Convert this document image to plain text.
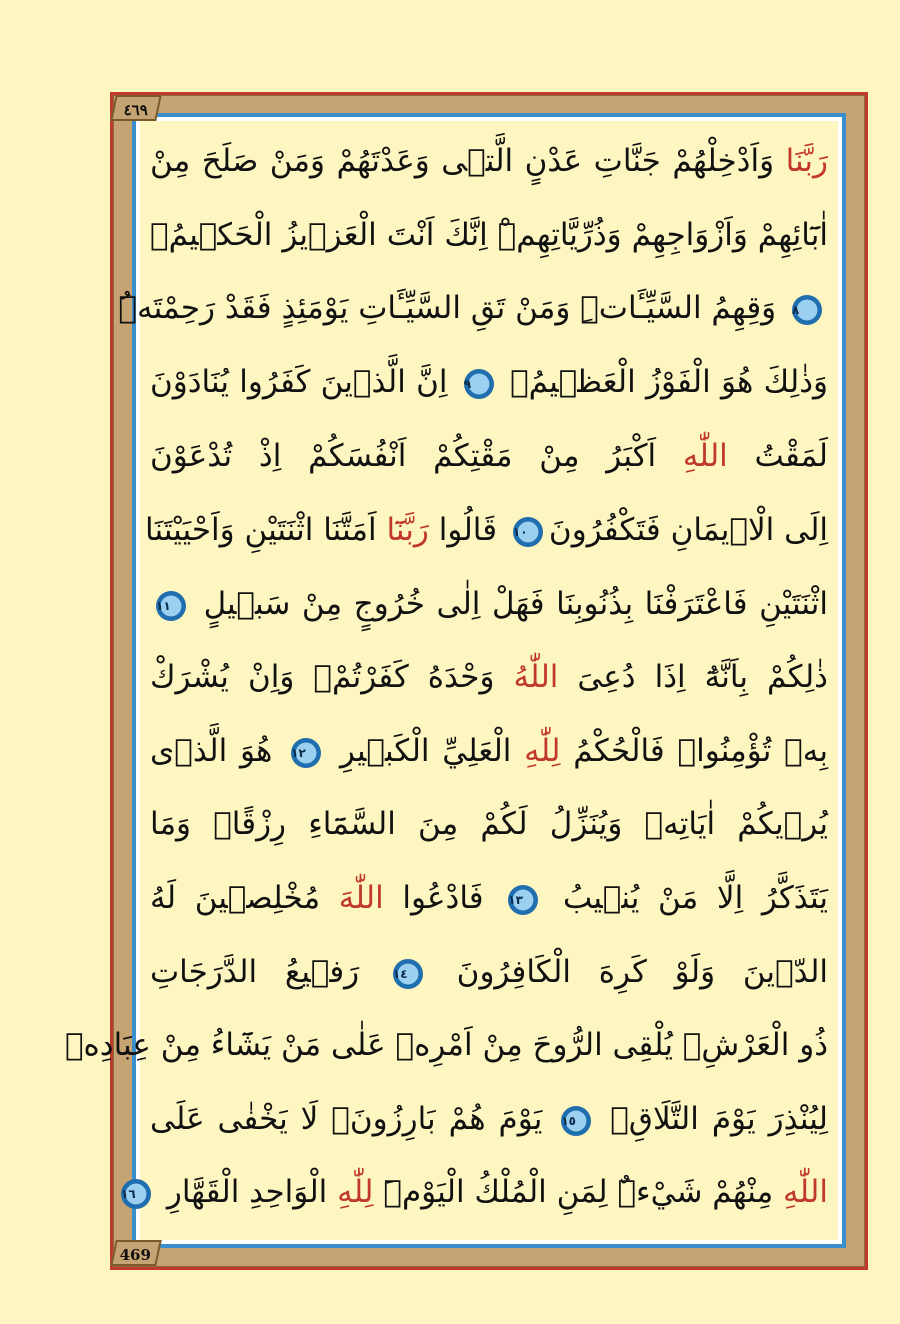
٤٦٩
469
رَبَّنَا وَاَدْخِلْهُمْ جَنَّاتِ عَدْنٍ الَّتٖى وَعَدْتَهُمْ وَمَنْ صَلَحَ مِنْ
اٰبَٓائِهِمْ وَاَزْوَاجِهِمْ وَذُرِّيَّاتِهِمْۜ اِنَّكَ اَنْتَ الْعَزٖيزُ الْحَكٖيمُۙ
٨ وَقِهِمُ السَّيِّـَٔاتِۜ وَمَنْ تَقِ السَّيِّـَٔاتِ يَوْمَئِذٍ فَقَدْ رَحِمْتَهُۜ
وَذٰلِكَ هُوَ الْفَوْزُ الْعَظٖيمُ۟ ٩ اِنَّ الَّذٖينَ كَفَرُوا يُنَادَوْنَ
لَمَقْتُ اللّٰهِ اَكْبَرُ مِنْ مَقْتِكُمْ اَنْفُسَكُمْ اِذْ تُدْعَوْنَ
اِلَى الْاٖيمَانِ فَتَكْفُرُونَ١٠ قَالُوا رَبَّنَٓا اَمَتَّنَا اثْنَتَيْنِ وَاَحْيَيْتَنَا
اثْنَتَيْنِ فَاعْتَرَفْنَا بِذُنُوبِنَا فَهَلْ اِلٰى خُرُوجٍ مِنْ سَبٖيلٍ ١١
ذٰلِكُمْ بِاَنَّهُٓ اِذَا دُعِىَ اللّٰهُ وَحْدَهُ كَفَرْتُمْۚ وَاِنْ يُشْرَكْ
بِهٖ تُؤْمِنُواۜ فَالْحُكْمُ لِلّٰهِ الْعَلِيِّ الْكَبٖيرِ ١٢ هُوَ الَّذٖى
يُرٖيكُمْ اٰيَاتِهٖ وَيُنَزِّلُ لَكُمْ مِنَ السَّمَٓاءِ رِزْقًاۜ وَمَا
يَتَذَكَّرُ اِلَّا مَنْ يُنٖيبُ ١٣ فَادْعُوا اللّٰهَ مُخْلِصٖينَ لَهُ
الدّٖينَ وَلَوْ كَرِهَ الْكَافِرُونَ ١٤ رَفٖيعُ الدَّرَجَاتِ
ذُو الْعَرْشِۚ يُلْقِى الرُّوحَ مِنْ اَمْرِهٖ عَلٰى مَنْ يَشَٓاءُ مِنْ عِبَادِهٖ
لِيُنْذِرَ يَوْمَ التَّلَاقِۙ ١٥ يَوْمَ هُمْ بَارِزُونَۚ لَا يَخْفٰى عَلَى
اللّٰهِ مِنْهُمْ شَيْءٌۜ لِمَنِ الْمُلْكُ الْيَوْمَۜ لِلّٰهِ الْوَاحِدِ الْقَهَّارِ ١٦
